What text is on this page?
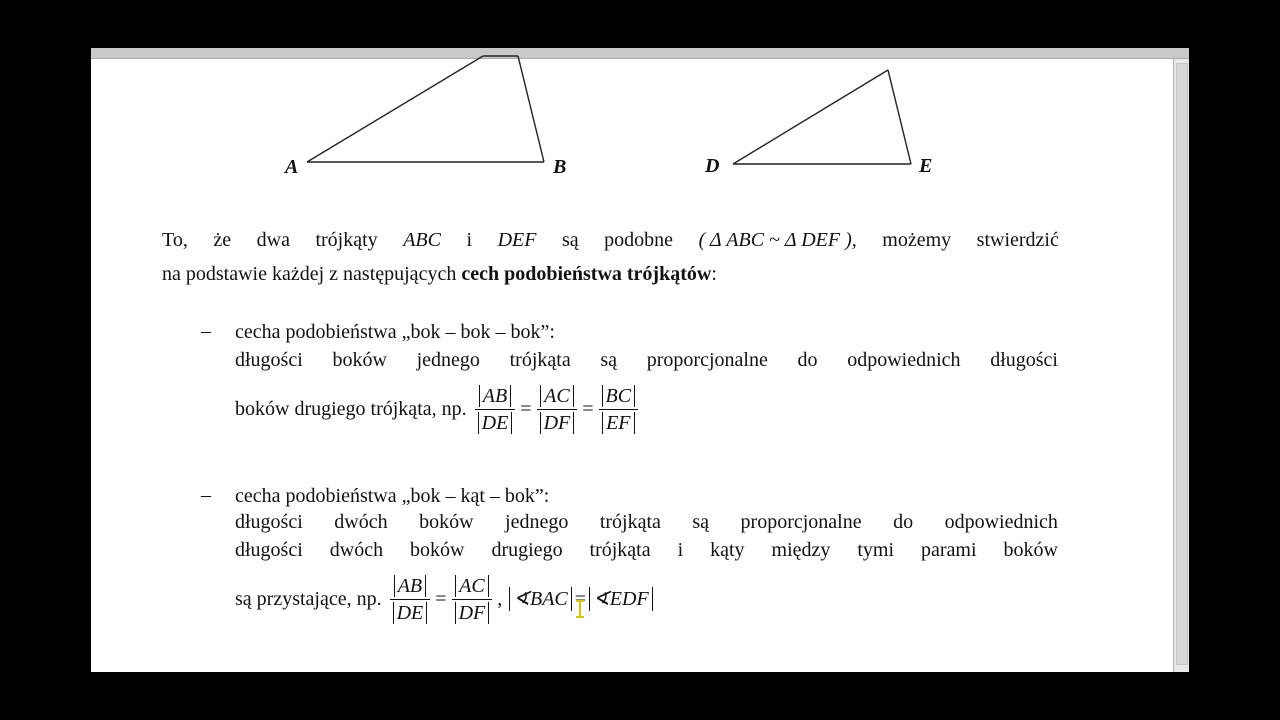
A	B	D	E
To, że dwa trójkąty ABC i DEF są podobne ( Δ ABC ~ Δ DEF ), możemy stwierdzić
na podstawie każdej z następujących cech podobieństwa trójkątów:
– cecha podobieństwa „bok – bok – bok”:
długości boków jednego trójkąta są proporcjonalne do odpowiednich długości
boków drugiego trójkąta, np. $\frac{AB}{DE} = \frac{AC}{DF} = \frac{BC}{EF}$
– cecha podobieństwa „bok – kąt – bok”:
długości dwóch boków jednego trójkąta są proporcjonalne do odpowiednich
długości dwóch boków drugiego trójkąta i kąty między tymi parami boków
są przystające, np. $\frac{AB}{DE} = \frac{AC}{DF}$ , ∢BAC = ∢EDF
